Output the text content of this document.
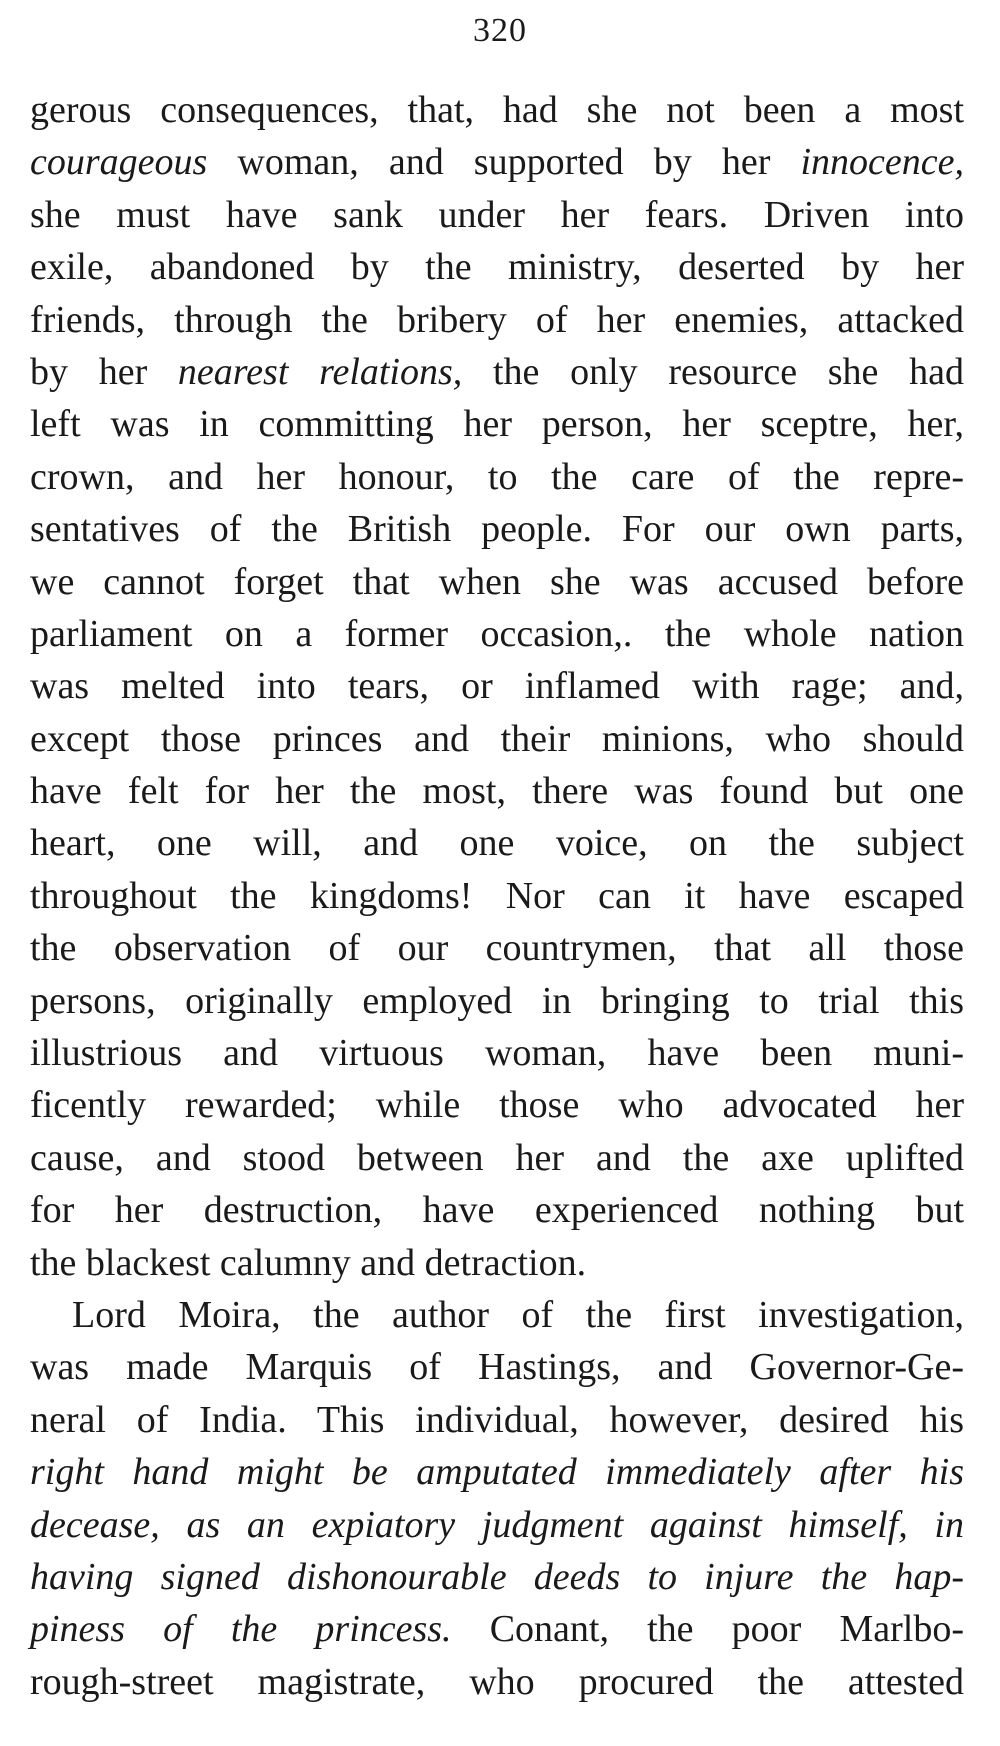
320
gerous consequences, that, had she not been a most
courageous woman, and supported by her innocence,
she must have sank under her fears. Driven into
exile, abandoned by the ministry, deserted by her
friends, through the bribery of her enemies, attacked
by her nearest relations, the only resource she had
left was in committing her person, her sceptre, her,
crown, and her honour, to the care of the repre-
sentatives of the British people. For our own parts,
we cannot forget that when she was accused before
parliament on a former occasion,. the whole nation
was melted into tears, or inflamed with rage; and,
except those princes and their minions, who should
have felt for her the most, there was found but one
heart, one will, and one voice, on the subject
throughout the kingdoms! Nor can it have escaped
the observation of our countrymen, that all those
persons, originally employed in bringing to trial this
illustrious and virtuous woman, have been muni-
ficently rewarded; while those who advocated her
cause, and stood between her and the axe uplifted
for her destruction, have experienced nothing but
the blackest calumny and detraction.
Lord Moira, the author of the first investigation,
was made Marquis of Hastings, and Governor-Ge-
neral of India. This individual, however, desired his
right hand might be amputated immediately after his
decease, as an expiatory judgment against himself, in
having signed dishonourable deeds to injure the hap-
piness of the princess. Conant, the poor Marlbo-
rough-street magistrate, who procured the attested
